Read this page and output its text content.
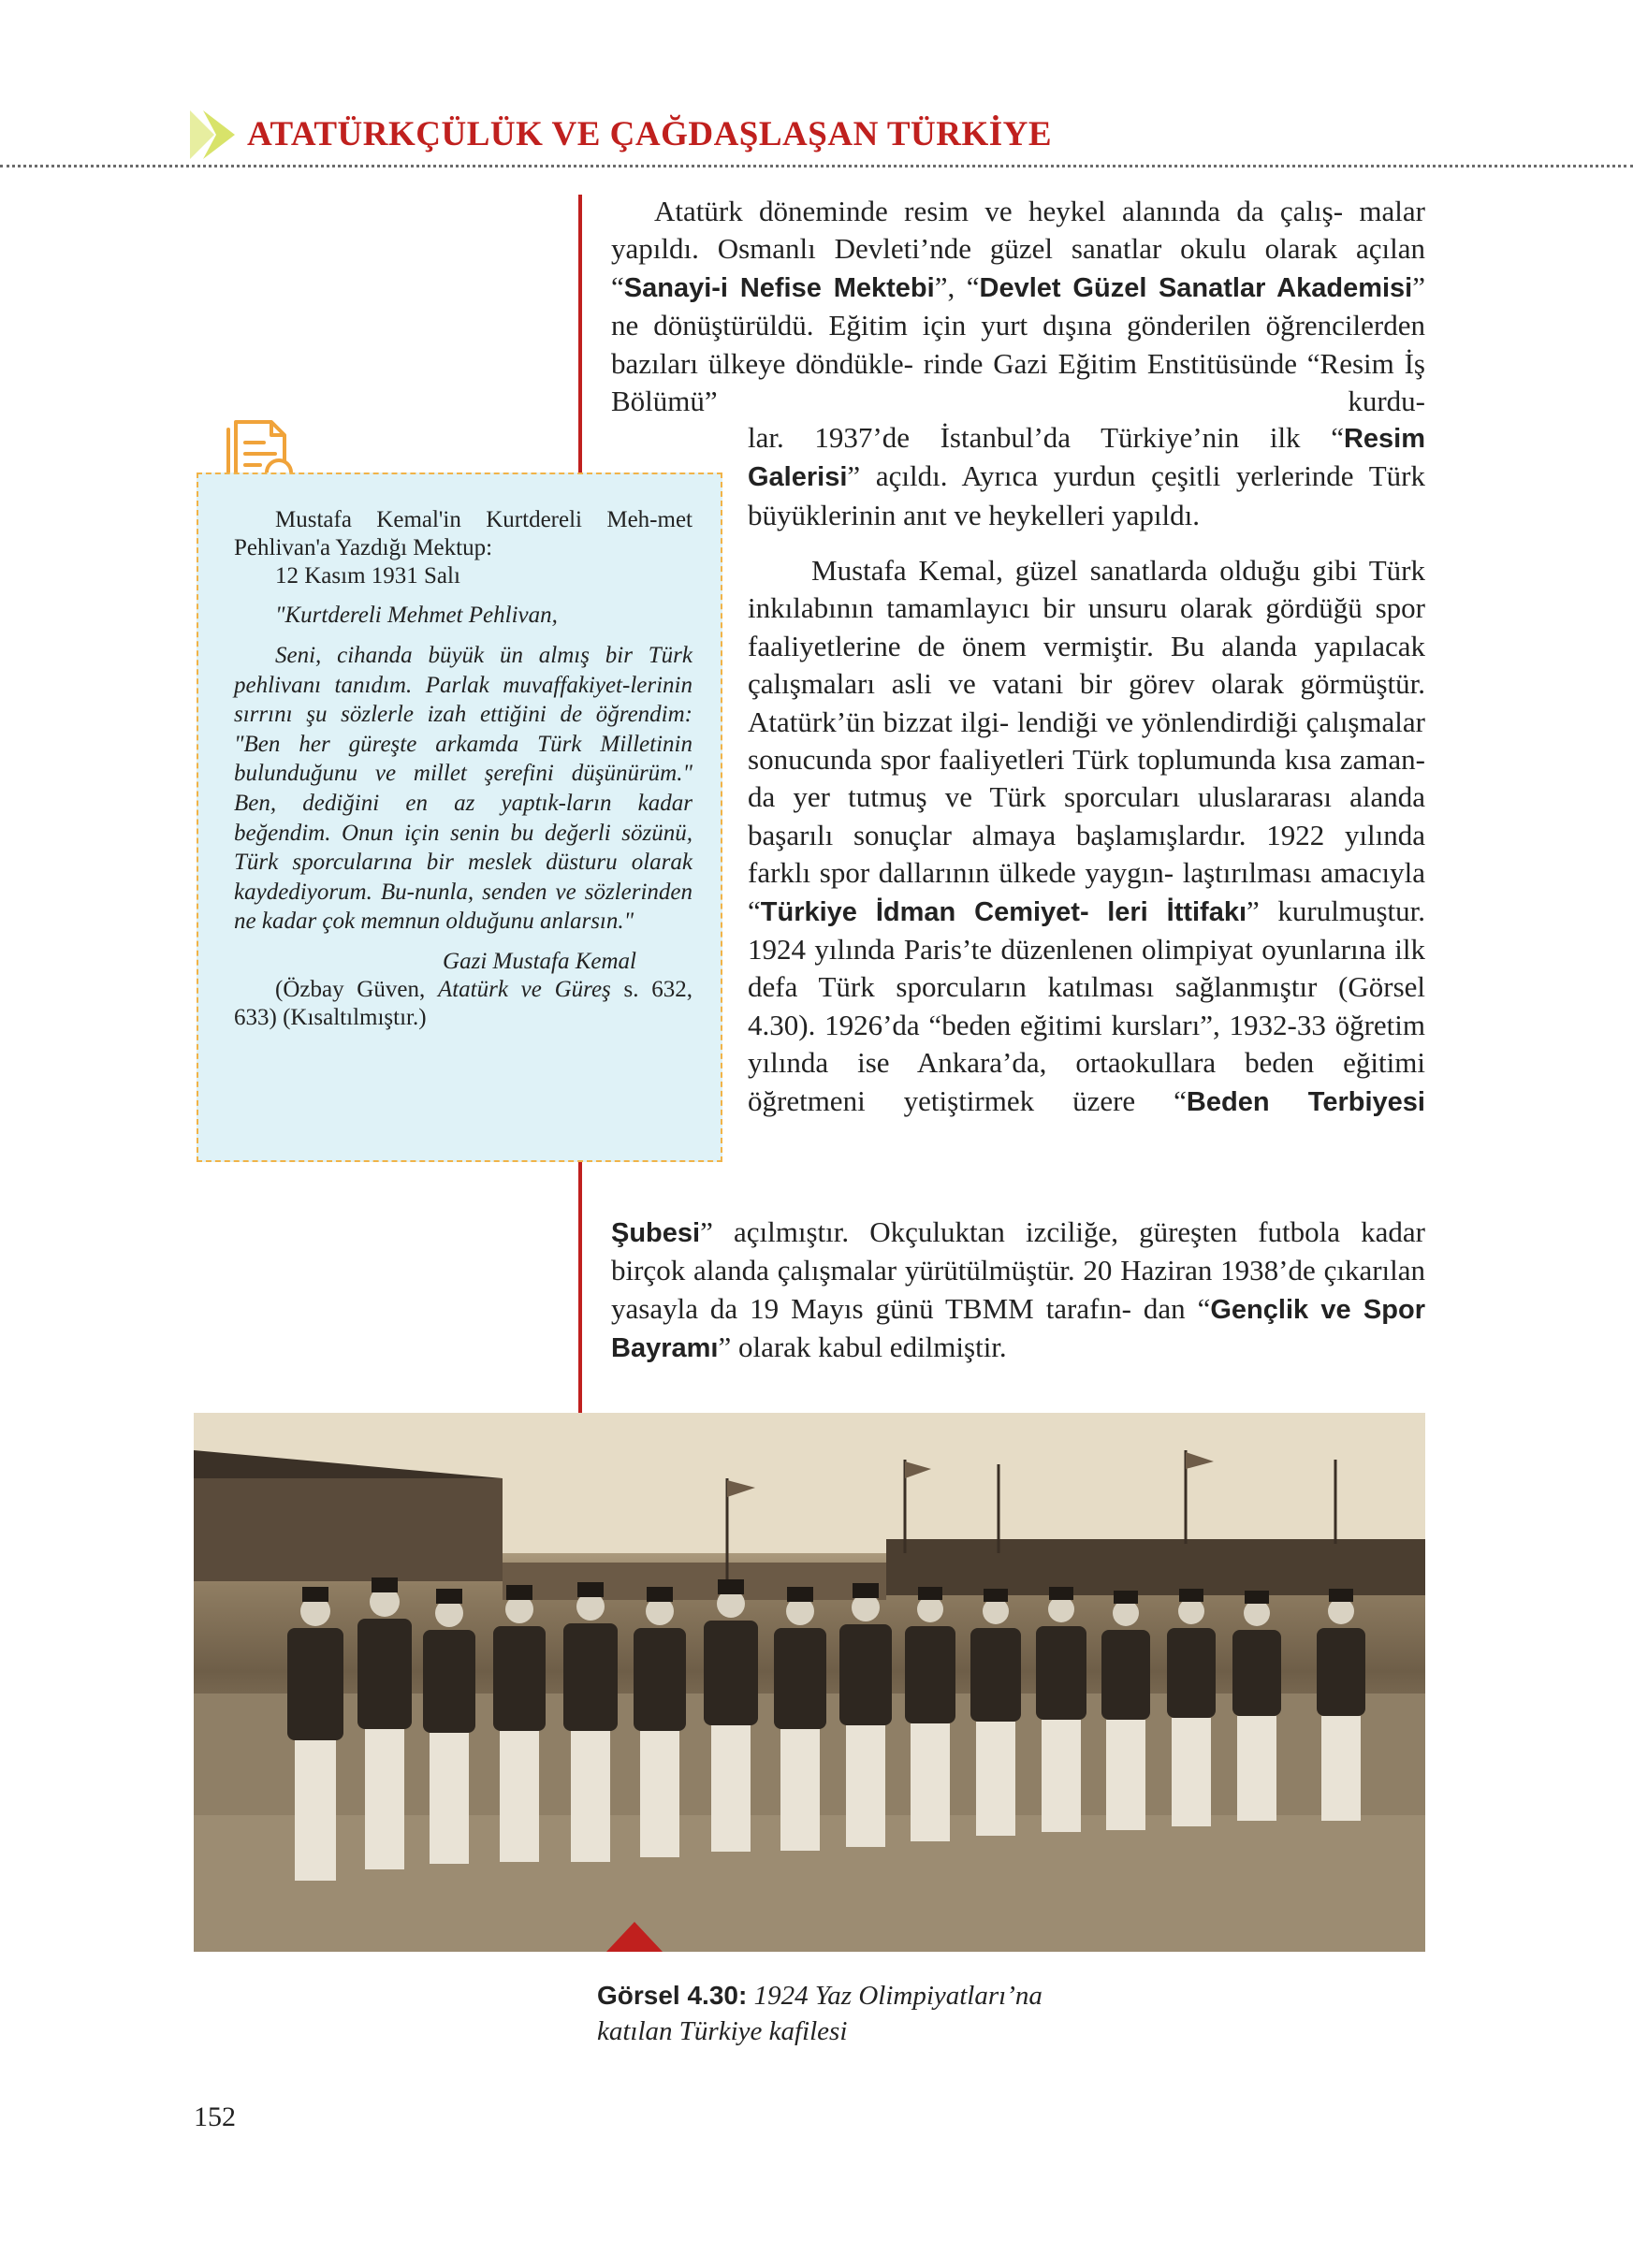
ATATÜRKÇÜLÜK VE ÇAĞDAŞLAŞAN TÜRKİYE

Atatürk döneminde resim ve heykel alanında da çalış- malar yapıldı. Osmanlı Devleti’nde güzel sanatlar okulu olarak açılan “Sanayi-i Nefise Mektebi”, “Devlet Güzel Sanatlar Akademisi” ne dönüştürüldü. Eğitim için yurt dışına gönderilen öğrencilerden bazıları ülkeye döndükle- rinde Gazi Eğitim Enstitüsünde “Resim İş Bölümü” kurdu-

lar. 1937’de İstanbul’da Türkiye’nin ilk “Resim Galerisi” açıldı. Ayrıca yurdun çeşitli yerlerinde Türk büyüklerinin anıt ve heykelleri yapıldı.

Mustafa Kemal, güzel sanatlarda olduğu gibi Türk inkılabının tamamlayıcı bir unsuru olarak gördüğü spor faaliyetlerine de önem vermiştir. Bu alanda yapılacak çalışmaları asli ve vatani bir görev olarak görmüştür. Atatürk’ün bizzat ilgi- lendiği ve yönlendirdiği çalışmalar sonucunda spor faaliyetleri Türk toplumunda kısa zaman- da yer tutmuş ve Türk sporcuları uluslararası alanda başarılı sonuçlar almaya başlamışlardır. 1922 yılında farklı spor dallarının ülkede yaygın- laştırılması amacıyla “Türkiye İdman Cemiyet- leri İttifakı” kurulmuştur. 1924 yılında Paris’te düzenlenen olimpiyat oyunlarına ilk defa Türk sporcuların katılması sağlanmıştır (Görsel 4.30). 1926’da “beden eğitimi kursları”, 1932-33 öğretim yılında ise Ankara’da, ortaokullara beden eğitimi öğretmeni yetiştirmek üzere “Beden Terbiyesi

Şubesi” açılmıştır. Okçuluktan izciliğe, güreşten futbola kadar birçok alanda çalışmalar yürütülmüştür. 20 Haziran 1938’de çıkarılan yasayla da 19 Mayıs günü TBMM tarafın- dan “Gençlik ve Spor Bayramı” olarak kabul edilmiştir.

Mustafa Kemal'in Kurtdereli Meh-met Pehlivan'a Yazdığı Mektup:

12 Kasım 1931 Salı

"Kurtdereli Mehmet Pehlivan,

Seni, cihanda büyük ün almış bir Türk pehlivanı tanıdım. Parlak muvaffakiyet-lerinin sırrını şu sözlerle izah ettiğini de öğrendim: "Ben her güreşte arkamda Türk Milletinin bulunduğunu ve millet şerefini düşünürüm." Ben, dediğini en az yaptık-ların kadar beğendim. Onun için senin bu değerli sözünü, Türk sporcularına bir meslek düsturu olarak kaydediyorum. Bu-nunla, senden ve sözlerinden ne kadar çok memnun olduğunu anlarsın."

Gazi Mustafa Kemal

(Özbay Güven, Atatürk ve Güreş s. 632, 633) (Kısaltılmıştır.)

Görsel 4.30: 1924 Yaz Olimpiyatları’na
katılan Türkiye kafilesi
152
